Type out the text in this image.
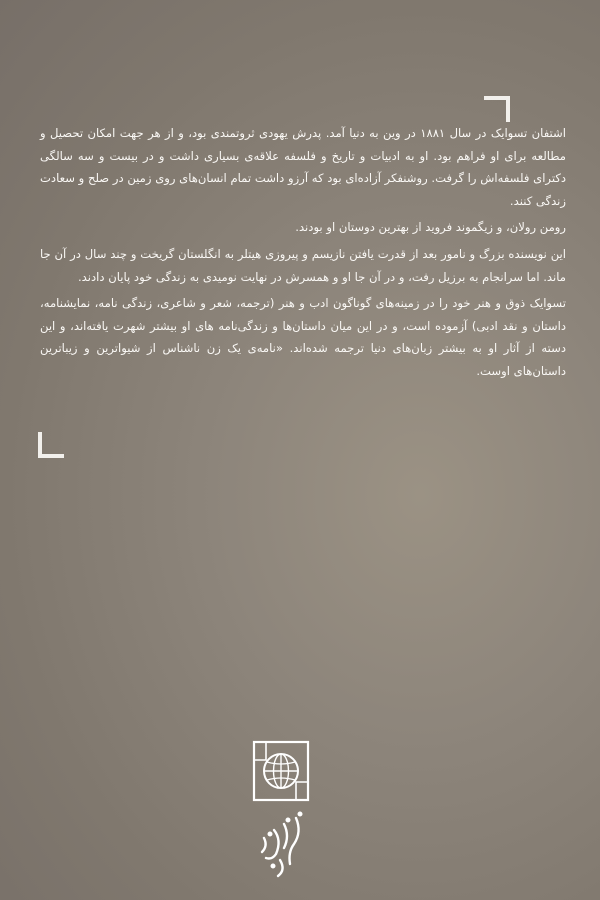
اشتفان تسوایک در سال ۱۸۸۱ در وین به دنیا آمد. پدرش یهودی ثروتمندی بود، و از هر جهت امکان تحصیل و مطالعه برای او فراهم بود. او به ادبیات و تاریخ و فلسفه علاقه‌ی بسیاری داشت و در بیست و سه سالگی دکترای فلسفه‌اش را گرفت. روشنفکر آزاده‌ای بود که آرزو داشت تمام انسان‌های روی زمین در صلح و سعادت زندگی کنند.

رومن رولان، و زیگموند فروید از بهترین دوستان او بودند.

این نویسنده بزرگ و نامور بعد از قدرت یافتن نازیسم و پیروزی هیتلر به انگلستان گریخت و چند سال در آن جا ماند. اما سرانجام به برزیل رفت، و در آن جا او و همسرش در نهایت نومیدی به زندگی خود پایان دادند.

تسوایک ذوق و هنر خود را در زمینه‌های گوناگون ادب و هنر (ترجمه، شعر و شاعری، زندگی نامه، نمایشنامه، داستان و نقد ادبی) آزموده است، و در این میان داستان‌ها و زندگی‌نامه های او بیشتر شهرت یافته‌اند، و این دسته از آثار او به بیشتر زبان‌های دنیا ترجمه شده‌اند. «نامه‌ی یک زن ناشناس از شیواترین و زیباترین داستان‌های اوست.
